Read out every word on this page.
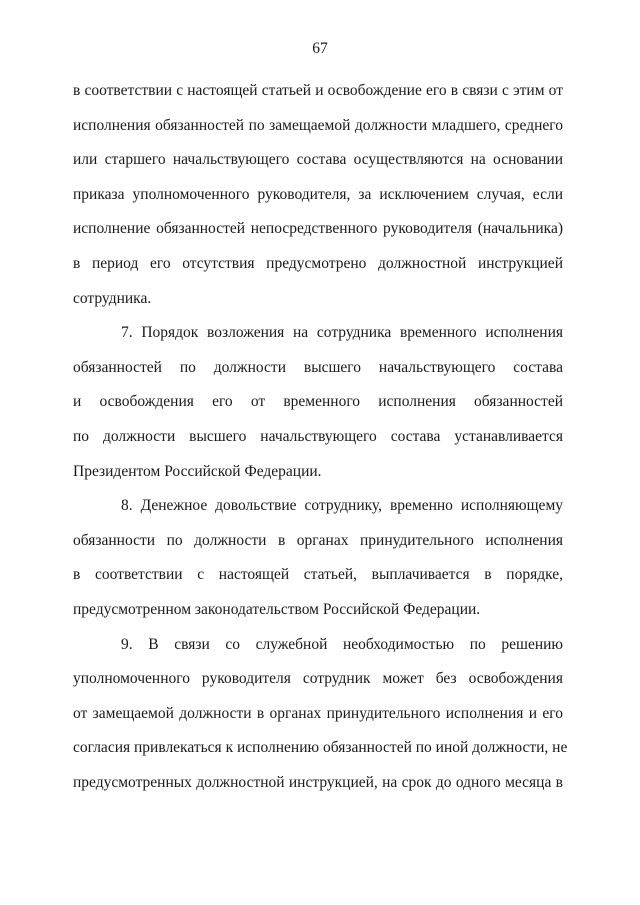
67
в соответствии с настоящей статьей и освобождение его в связи с этим от
исполнения обязанностей по замещаемой должности младшего, среднего
или старшего начальствующего состава осуществляются на основании
приказа уполномоченного руководителя, за исключением случая, если
исполнение обязанностей непосредственного руководителя (начальника)
в период его отсутствия предусмотрено должностной инструкцией
сотрудника.
7. Порядок возложения на сотрудника временного исполнения
обязанностей по должности высшего начальствующего состава
и освобождения его от временного исполнения обязанностей
по должности высшего начальствующего состава устанавливается
Президентом Российской Федерации.
8. Денежное довольствие сотруднику, временно исполняющему
обязанности по должности в органах принудительного исполнения
в соответствии с настоящей статьей, выплачивается в порядке,
предусмотренном законодательством Российской Федерации.
9. В связи со служебной необходимостью по решению
уполномоченного руководителя сотрудник может без освобождения
от замещаемой должности в органах принудительного исполнения и его
согласия привлекаться к исполнению обязанностей по иной должности, не
предусмотренных должностной инструкцией, на срок до одного месяца в
